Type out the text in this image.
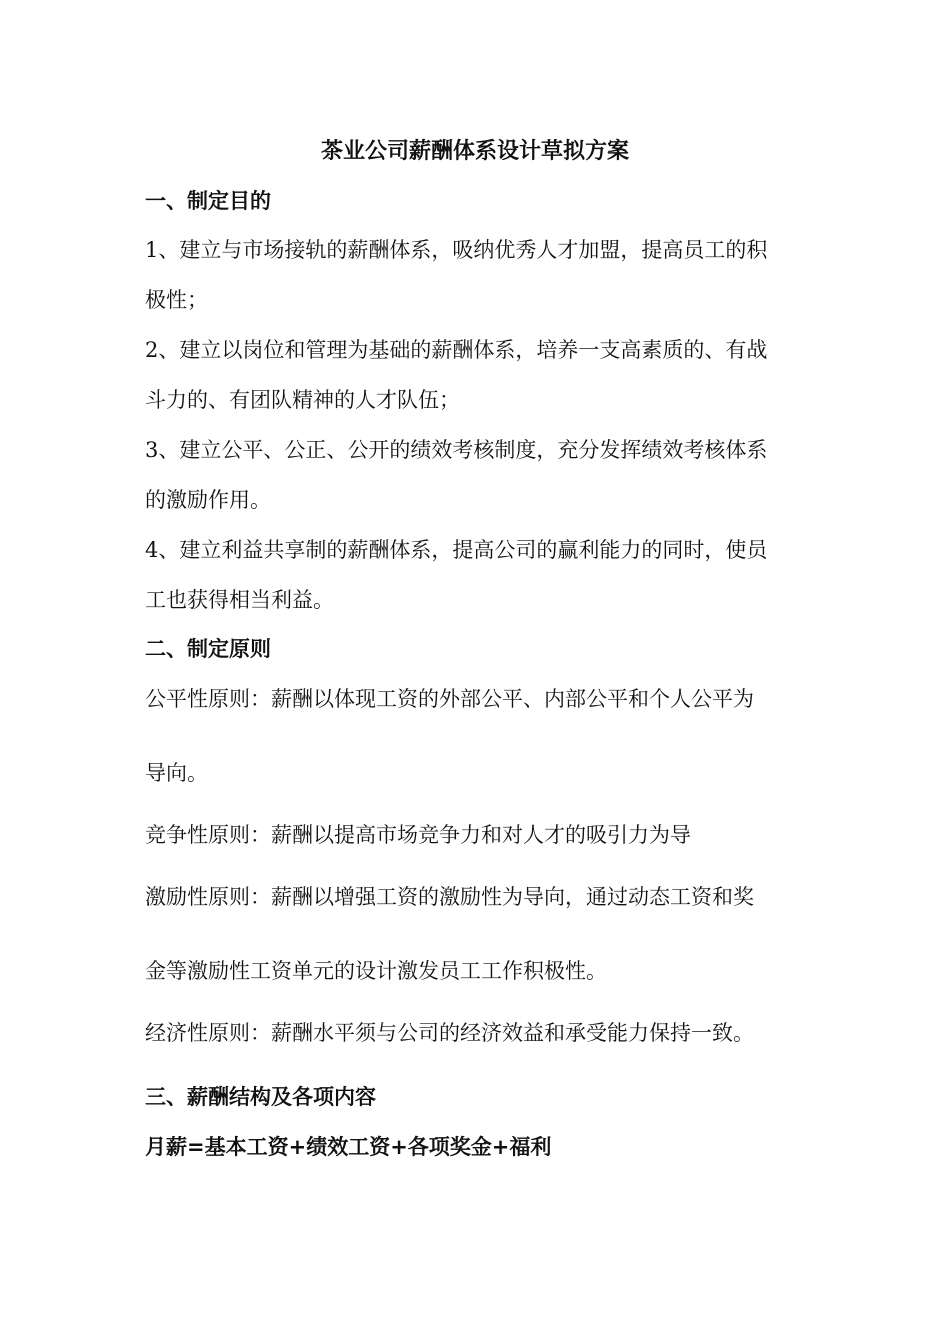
茶业公司薪酬体系设计草拟方案
一、制定目的
1、建立与市场接轨的薪酬体系，吸纳优秀人才加盟，提高员工的积
极性；
2、建立以岗位和管理为基础的薪酬体系，培养一支高素质的、有战
斗力的、有团队精神的人才队伍；
3、建立公平、公正、公开的绩效考核制度，充分发挥绩效考核体系
的激励作用。
4、建立利益共享制的薪酬体系，提高公司的赢利能力的同时，使员
工也获得相当利益。
二、制定原则
公平性原则：薪酬以体现工资的外部公平、内部公平和个人公平为
导向。
竞争性原则：薪酬以提高市场竞争力和对人才的吸引力为导
激励性原则：薪酬以增强工资的激励性为导向，通过动态工资和奖
金等激励性工资单元的设计激发员工工作积极性。
经济性原则：薪酬水平须与公司的经济效益和承受能力保持一致。
三、薪酬结构及各项内容
月薪=基本工资+绩效工资+各项奖金+福利
